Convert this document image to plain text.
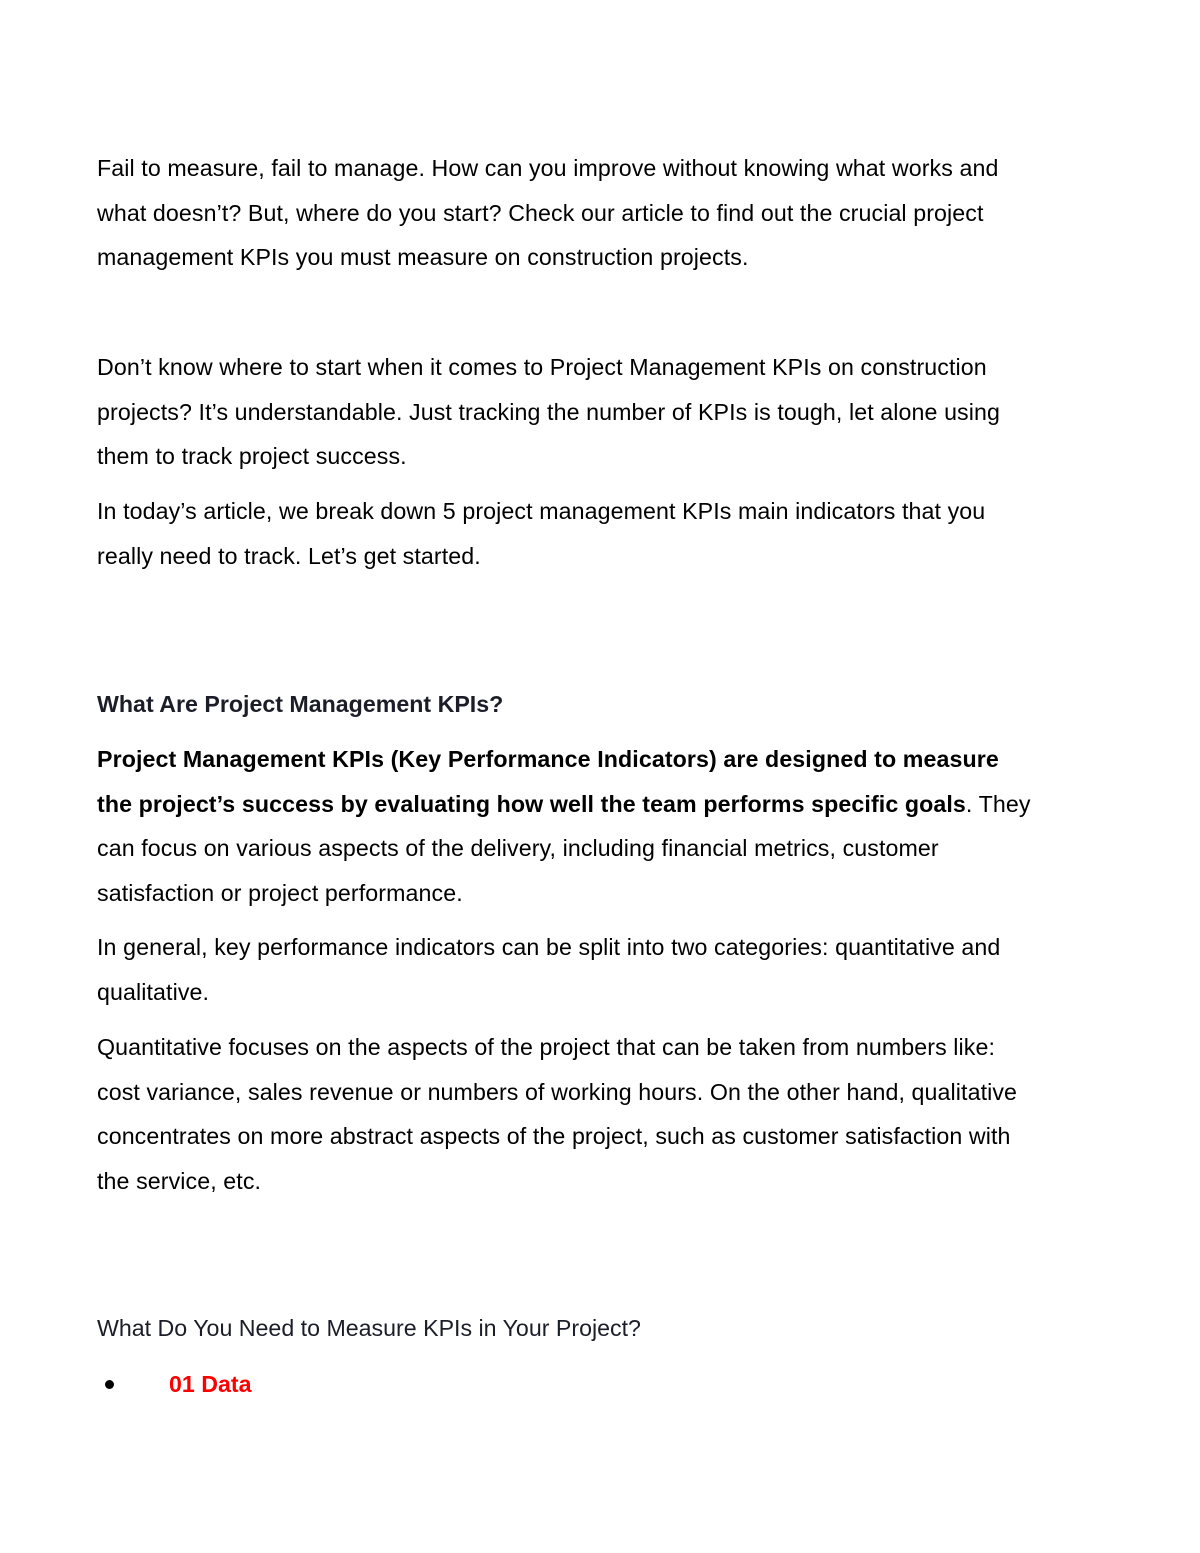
Fail to measure, fail to manage. How can you improve without knowing what works and
what doesn’t? But, where do you start? Check our article to find out the crucial project
management KPIs you must measure on construction projects.

Don’t know where to start when it comes to Project Management KPIs on construction
projects? It’s understandable. Just tracking the number of KPIs is tough, let alone using
them to track project success.

In today’s article, we break down 5 project management KPIs main indicators that you
really need to track. Let’s get started.

What Are Project Management KPIs?

Project Management KPIs (Key Performance Indicators) are designed to measure
the project’s success by evaluating how well the team performs specific goals. They
can focus on various aspects of the delivery, including financial metrics, customer
satisfaction or project performance.

In general, key performance indicators can be split into two categories: quantitative and
qualitative.

Quantitative focuses on the aspects of the project that can be taken from numbers like:
cost variance, sales revenue or numbers of working hours. On the other hand, qualitative
concentrates on more abstract aspects of the project, such as customer satisfaction with
the service, etc.

What Do You Need to Measure KPIs in Your Project?
01 Data
